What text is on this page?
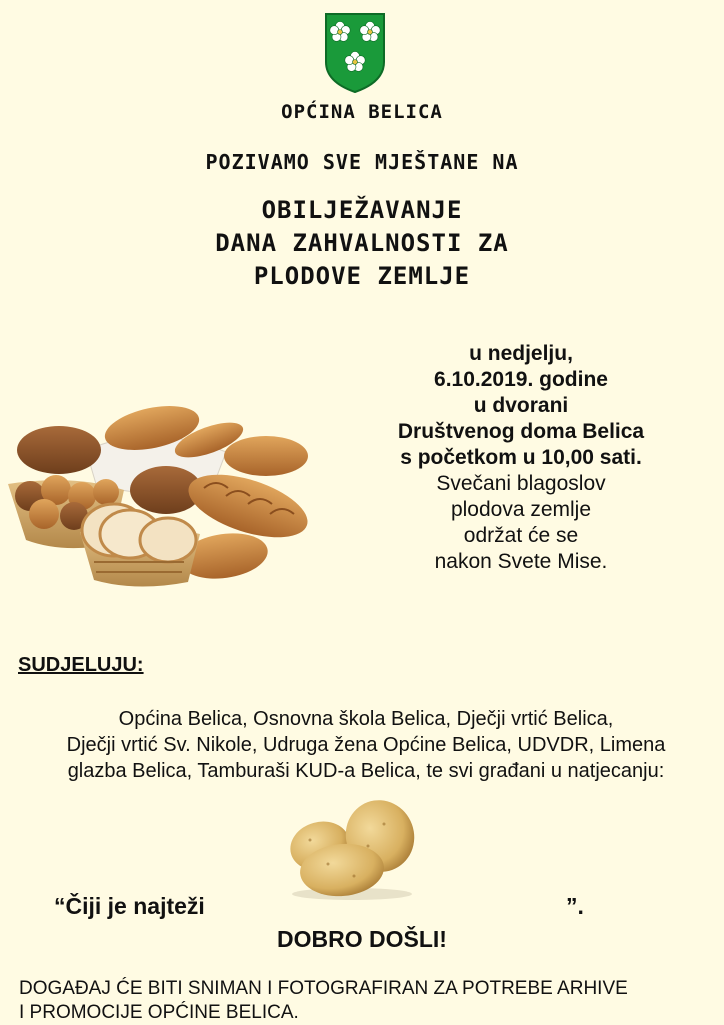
OPĆINA BELICA
POZIVAMO SVE MJEŠTANE NA
OBILJEŽAVANJE
DANA ZAHVALNOSTI ZA
PLODOVE ZEMLJE
u nedjelju,
6.10.2019. godine
u dvorani
Društvenog doma Belica
s početkom u 10,00 sati.
Svečani blagoslov
plodova zemlje
održat će se
nakon Svete Mise.
SUDJELUJU:
Općina Belica, Osnovna škola Belica, Dječji vrtić Belica,
Dječji vrtić Sv. Nikole, Udruga žena Općine Belica, UDVDR, Limena
glazba Belica, Tamburaši KUD-a Belica, te svi građani u natjecanju:
“Čiji je najteži	”.
DOBRO DOŠLI!
DOGAĐAJ ĆE BITI SNIMAN I FOTOGRAFIRAN ZA POTREBE ARHIVE
I PROMOCIJE OPĆINE BELICA.
